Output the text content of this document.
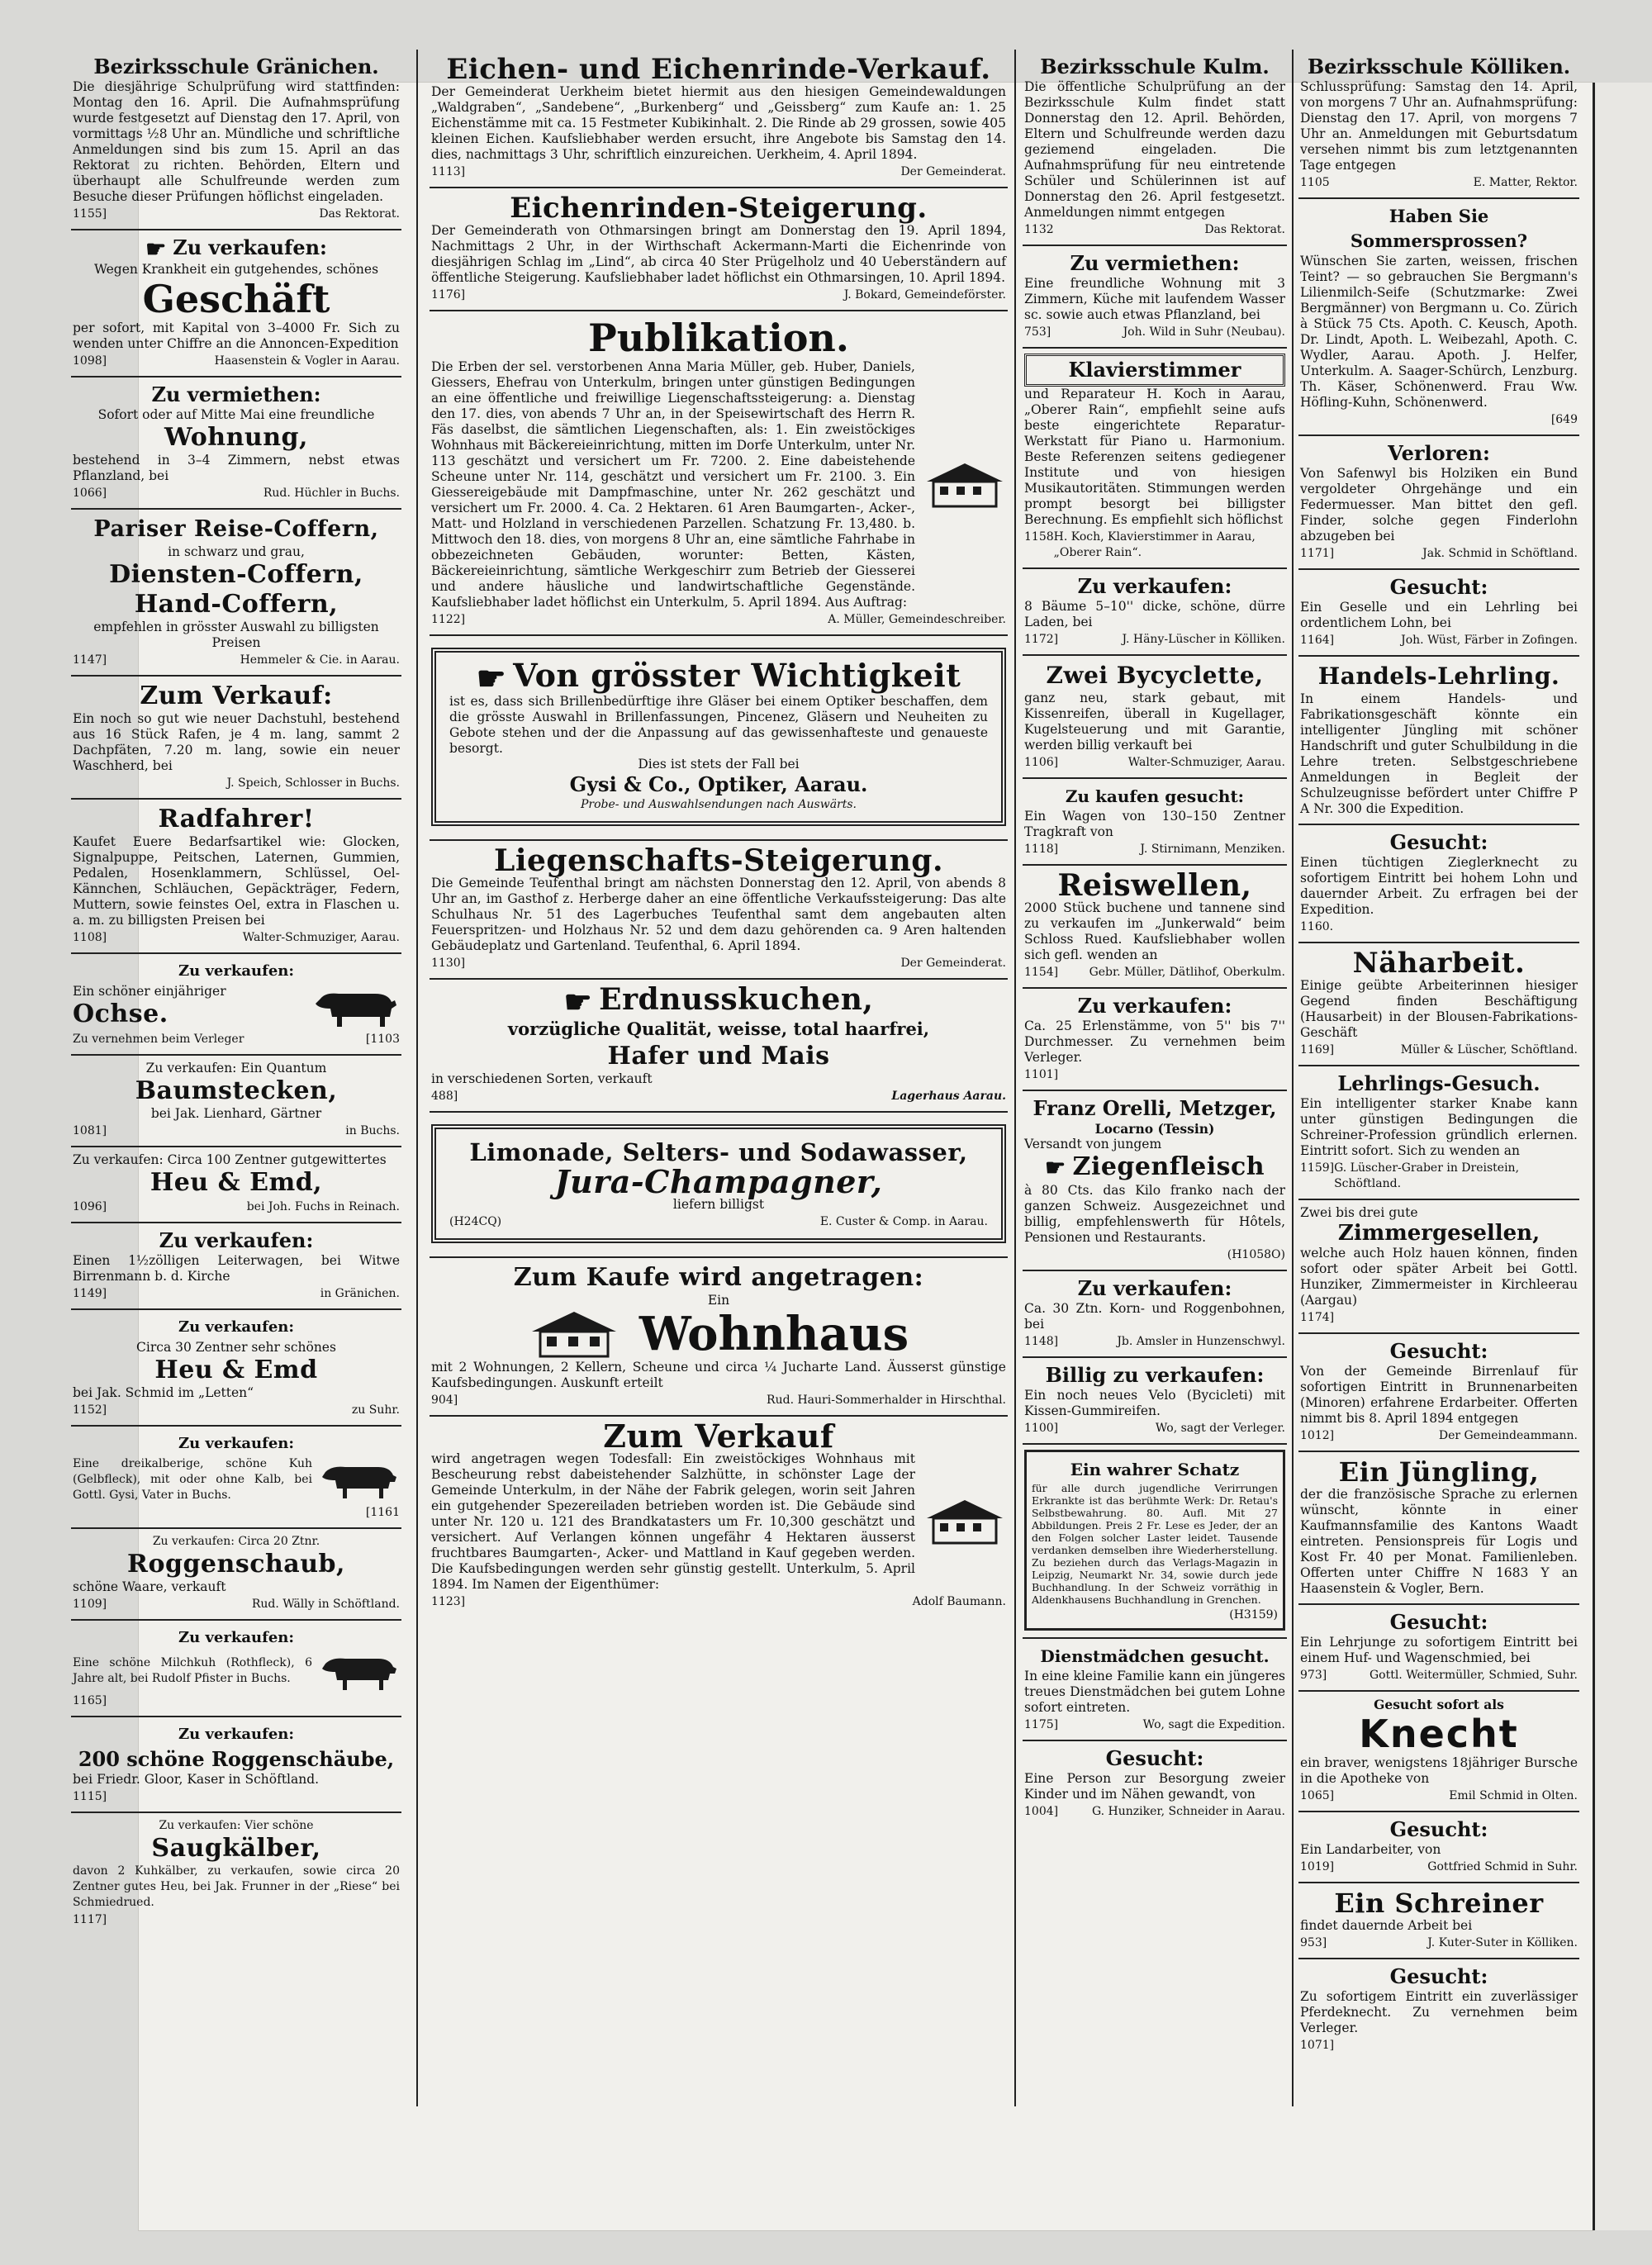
Bezirksschule Gränichen.

Die diesjährige Schulprüfung wird stattfinden: Montag den 16. April. Die Aufnahmsprüfung wurde festgesetzt auf Dienstag den 17. April, von vormittags ½8 Uhr an. Mündliche und schriftliche Anmeldungen sind bis zum 15. April an das Rektorat zu richten. Behörden, Eltern und überhaupt alle Schulfreunde werden zum Besuche dieser Prüfungen höflichst eingeladen.

1155]	Das Rektorat.
☛ Zu verkaufen:

Wegen Krankheit ein gutgehendes, schönes

Geschäft

per sofort, mit Kapital von 3–4000 Fr. Sich zu wenden unter Chiffre an die Annoncen-Expedition

1098]	Haasenstein & Vogler in Aarau.
Zu vermiethen:

Sofort oder auf Mitte Mai eine freundliche

Wohnung,

bestehend in 3–4 Zimmern, nebst etwas Pflanzland, bei

1066]	Rud. Hüchler in Buchs.
Pariser Reise-Coffern,
in schwarz und grau,
Diensten-Coffern,
Hand-Coffern,

empfehlen in grösster Auswahl zu billigsten Preisen

1147]	Hemmeler & Cie. in Aarau.
Zum Verkauf:

Ein noch so gut wie neuer Dachstuhl, bestehend aus 16 Stück Rafen, je 4 m. lang, sammt 2 Dachpfäten, 7.20 m. lang, sowie ein neuer Waschherd, bei

J. Speich, Schlosser in Buchs.
Radfahrer!

Kaufet Euere Bedarfsartikel wie: Glocken, Signalpuppe, Peitschen, Laternen, Gummien, Pedalen, Hosenklammern, Schlüssel, Oel-Kännchen, Schläuchen, Gepäckträger, Federn, Muttern, sowie feinstes Oel, extra in Flaschen u. a. m. zu billigsten Preisen bei

1108]	Walter-Schmuziger, Aarau.
Zu verkaufen:
Ein schöner einjähriger
Ochse.
Zu vernehmen beim Verleger	[1103
Zu verkaufen: Ein Quantum
Baumstecken,
bei Jak. Lienhard, Gärtner
1081]	in Buchs.
Zu verkaufen: Circa 100 Zentner gutgewittertes
Heu & Emd,
1096]	bei Joh. Fuchs in Reinach.
Zu verkaufen:

Einen 1½zölligen Leiterwagen, bei Witwe Birrenmann b. d. Kirche

1149]	in Gränichen.
Zu verkaufen:
Circa 30 Zentner sehr schönes
Heu & Emd
bei Jak. Schmid im „Letten“
1152]	zu Suhr.
Zu verkaufen:

Eine dreikalberige, schöne Kuh (Gelbfleck), mit oder ohne Kalb, bei Gottl. Gysi, Vater in Buchs.

[1161
Zu verkaufen: Circa 20 Ztnr.
Roggenschaub,
schöne Waare, verkauft
1109]	Rud. Wälly in Schöftland.
Zu verkaufen:

Eine schöne Milchkuh (Rothfleck), 6 Jahre alt, bei Rudolf Pfister in Buchs.

1165]
Zu verkaufen:
200 schöne Roggenschäube,

bei Friedr. Gloor, Kaser in Schöftland.

1115]
Zu verkaufen: Vier schöne
Saugkälber,

davon 2 Kuhkälber, zu verkaufen, sowie circa 20 Zentner gutes Heu, bei Jak. Frunner in der „Riese“ bei Schmiedrued.

1117]
Eichen- und Eichenrinde-Verkauf.

Der Gemeinderat Uerkheim bietet hiermit aus den hiesigen Gemeindewaldungen „Waldgraben“, „Sandebene“, „Burkenberg“ und „Geissberg“ zum Kaufe an: 1. 25 Eichenstämme mit ca. 15 Festmeter Kubikinhalt. 2. Die Rinde ab 29 grossen, sowie 405 kleinen Eichen. Kaufsliebhaber werden ersucht, ihre Angebote bis Samstag den 14. dies, nachmittags 3 Uhr, schriftlich einzureichen. Uerkheim, 4. April 1894.

1113]	Der Gemeinderat.
Eichenrinden-Steigerung.

Der Gemeinderath von Othmarsingen bringt am Donnerstag den 19. April 1894, Nachmittags 2 Uhr, in der Wirthschaft Ackermann-Marti die Eichenrinde von diesjährigen Schlag im „Lind“, ab circa 40 Ster Prügelholz und 40 Ueberständern auf öffentliche Steigerung. Kaufsliebhaber ladet höflichst ein Othmarsingen, 10. April 1894.

1176]	J. Bokard, Gemeindeförster.
Publikation.

Die Erben der sel. verstorbenen Anna Maria Müller, geb. Huber, Daniels, Giessers, Ehefrau von Unterkulm, bringen unter günstigen Bedingungen an eine öffentliche und freiwillige Liegenschaftssteigerung: a. Dienstag den 17. dies, von abends 7 Uhr an, in der Speisewirtschaft des Herrn R. Fäs daselbst, die sämtlichen Liegenschaften, als: 1. Ein zweistöckiges Wohnhaus mit Bäckereieinrichtung, mitten im Dorfe Unterkulm, unter Nr. 113 geschätzt und versichert um Fr. 7200. 2. Eine dabeistehende Scheune unter Nr. 114, geschätzt und versichert um Fr. 2100. 3. Ein Giessereigebäude mit Dampfmaschine, unter Nr. 262 geschätzt und versichert um Fr. 2000. 4. Ca. 2 Hektaren. 61 Aren Baumgarten-, Acker-, Matt- und Holzland in verschiedenen Parzellen. Schatzung Fr. 13,480. b. Mittwoch den 18. dies, von morgens 8 Uhr an, eine sämtliche Fahrhabe in obbezeichneten Gebäuden, worunter: Betten, Kästen, Bäckereieinrichtung, sämtliche Werkgeschirr zum Betrieb der Giesserei und andere häusliche und landwirtschaftliche Gegenstände. Kaufsliebhaber ladet höflichst ein Unterkulm, 5. April 1894. Aus Auftrag:

1122]	A. Müller, Gemeindeschreiber.
☛ Von grösster Wichtigkeit

ist es, dass sich Brillenbedürftige ihre Gläser bei einem Optiker beschaffen, dem die grösste Auswahl in Brillenfassungen, Pincenez, Gläsern und Neuheiten zu Gebote stehen und der die Anpassung auf das gewissenhafteste und genaueste besorgt.

Dies ist stets der Fall bei
Gysi & Co., Optiker, Aarau.
Probe- und Auswahlsendungen nach Auswärts.
Liegenschafts-Steigerung.

Die Gemeinde Teufenthal bringt am nächsten Donnerstag den 12. April, von abends 8 Uhr an, im Gasthof z. Herberge daher an eine öffentliche Verkaufssteigerung: Das alte Schulhaus Nr. 51 des Lagerbuches Teufenthal samt dem angebauten alten Feuerspritzen- und Holzhaus Nr. 52 und dem dazu gehörenden ca. 9 Aren haltenden Gebäudeplatz und Gartenland. Teufenthal, 6. April 1894.

1130]	Der Gemeinderat.
☛ Erdnusskuchen,
vorzügliche Qualität, weisse, total haarfrei,
Hafer und Mais
in verschiedenen Sorten, verkauft
488]	Lagerhaus Aarau.
Limonade, Selters- und Sodawasser,
Jura-Champagner,
liefern billigst
(H24CQ)	E. Custer & Comp. in Aarau.
Zum Kaufe wird angetragen:
Ein
Wohnhaus

mit 2 Wohnungen, 2 Kellern, Scheune und circa ¼ Jucharte Land. Äusserst günstige Kaufsbedingungen. Auskunft erteilt

904]	Rud. Hauri-Sommerhalder in Hirschthal.
Zum Verkauf

wird angetragen wegen Todesfall: Ein zweistöckiges Wohnhaus mit Bescheurung rebst dabeistehender Salzhütte, in schönster Lage der Gemeinde Unterkulm, in der Nähe der Fabrik gelegen, worin seit Jahren ein gutgehender Spezereiladen betrieben worden ist. Die Gebäude sind unter Nr. 120 u. 121 des Brandkatasters um Fr. 10,300 geschätzt und versichert. Auf Verlangen können ungefähr 4 Hektaren äusserst fruchtbares Baumgarten-, Acker- und Mattland in Kauf gegeben werden. Die Kaufsbedingungen werden sehr günstig gestellt. Unterkulm, 5. April 1894. Im Namen der Eigenthümer:

1123]	Adolf Baumann.
Bezirksschule Kulm.

Die öffentliche Schulprüfung an der Bezirksschule Kulm findet statt Donnerstag den 12. April. Behörden, Eltern und Schulfreunde werden dazu geziemend eingeladen. Die Aufnahmsprüfung für neu eintretende Schüler und Schülerinnen ist auf Donnerstag den 26. April festgesetzt. Anmeldungen nimmt entgegen

1132	Das Rektorat.
Zu vermiethen:

Eine freundliche Wohnung mit 3 Zimmern, Küche mit laufendem Wasser sc. sowie auch etwas Pflanzland, bei

753]	Joh. Wild in Suhr (Neubau).
Klavierstimmer

und Reparateur H. Koch in Aarau, „Oberer Rain“, empfiehlt seine aufs beste eingerichtete Reparatur-Werkstatt für Piano u. Harmonium. Beste Referenzen seitens gediegener Institute und von hiesigen Musikautoritäten. Stimmungen werden prompt besorgt bei billigster Berechnung. Es empfiehlt sich höflichst

1158 H. Koch, Klavierstimmer in Aarau, „Oberer Rain“.
Zu verkaufen:

8 Bäume 5–10'' dicke, schöne, dürre Laden, bei

1172]	J. Häny-Lüscher in Kölliken.
Zwei Bycyclette,

ganz neu, stark gebaut, mit Kissenreifen, überall in Kugellager, Kugelsteuerung und mit Garantie, werden billig verkauft bei

1106]	Walter-Schmuziger, Aarau.
Zu kaufen gesucht:

Ein Wagen von 130–150 Zentner Tragkraft von

1118]	J. Stirnimann, Menziken.
Reiswellen,

2000 Stück buchene und tannene sind zu verkaufen im „Junkerwald“ beim Schloss Rued. Kaufsliebhaber wollen sich gefl. wenden an

1154]	Gebr. Müller, Dätlihof, Oberkulm.
Zu verkaufen:

Ca. 25 Erlenstämme, von 5'' bis 7'' Durchmesser. Zu vernehmen beim Verleger.

1101]
Franz Orelli, Metzger,
Locarno (Tessin)
Versandt von jungem
☛ Ziegenfleisch

à 80 Cts. das Kilo franko nach der ganzen Schweiz. Ausgezeichnet und billig, empfehlenswerth für Hôtels, Pensionen und Restaurants.

(H1058O)
Zu verkaufen:

Ca. 30 Ztn. Korn- und Roggenbohnen, bei

1148]	Jb. Amsler in Hunzenschwyl.
Billig zu verkaufen:

Ein noch neues Velo (Bycicleti) mit Kissen-Gummireifen.

1100]	Wo, sagt der Verleger.
Ein wahrer Schatz

für alle durch jugendliche Verirrungen Erkrankte ist das berühmte Werk: Dr. Retau's Selbstbewahrung. 80. Aufl. Mit 27 Abbildungen. Preis 2 Fr. Lese es Jeder, der an den Folgen solcher Laster leidet. Tausende verdanken demselben ihre Wiederherstellung. Zu beziehen durch das Verlags-Magazin in Leipzig, Neumarkt Nr. 34, sowie durch jede Buchhandlung. In der Schweiz vorräthig in Aldenkhausens Buchhandlung in Grenchen.

(H3159)
Dienstmädchen gesucht.

In eine kleine Familie kann ein jüngeres treues Dienstmädchen bei gutem Lohne sofort eintreten.

1175]	Wo, sagt die Expedition.
Gesucht:

Eine Person zur Besorgung zweier Kinder und im Nähen gewandt, von

1004]	G. Hunziker, Schneider in Aarau.
Bezirksschule Kölliken.

Schlussprüfung: Samstag den 14. April, von morgens 7 Uhr an. Aufnahmsprüfung: Dienstag den 17. April, von morgens 7 Uhr an. Anmeldungen mit Geburtsdatum versehen nimmt bis zum letztgenannten Tage entgegen

1105	E. Matter, Rektor.
Haben Sie Sommersprossen?

Wünschen Sie zarten, weissen, frischen Teint? — so gebrauchen Sie Bergmann's Lilienmilch-Seife (Schutzmarke: Zwei Bergmänner) von Bergmann u. Co. Zürich à Stück 75 Cts. Apoth. C. Keusch, Apoth. Dr. Lindt, Apoth. L. Weibezahl, Apoth. C. Wydler, Aarau. Apoth. J. Helfer, Unterkulm. A. Saager-Schürch, Lenzburg. Th. Käser, Schönenwerd. Frau Ww. Höfling-Kuhn, Schönenwerd.

[649
Verloren:

Von Safenwyl bis Holziken ein Bund vergoldeter Ohrgehänge und ein Federmuesser. Man bittet den gefl. Finder, solche gegen Finderlohn abzugeben bei

1171]	Jak. Schmid in Schöftland.
Gesucht:

Ein Geselle und ein Lehrling bei ordentlichem Lohn, bei

1164]	Joh. Wüst, Färber in Zofingen.
Handels-Lehrling.

In einem Handels- und Fabrikationsgeschäft könnte ein intelligenter Jüngling mit schöner Handschrift und guter Schulbildung in die Lehre treten. Selbstgeschriebene Anmeldungen in Begleit der Schulzeugnisse befördert unter Chiffre P A Nr. 300 die Expedition.

Gesucht:

Einen tüchtigen Zieglerknecht zu sofortigem Eintritt bei hohem Lohn und dauernder Arbeit. Zu erfragen bei der Expedition.

1160.
Näharbeit.

Einige geübte Arbeiterinnen hiesiger Gegend finden Beschäftigung (Hausarbeit) in der Blousen-Fabrikations-Geschäft

1169]	Müller & Lüscher, Schöftland.
Lehrlings-Gesuch.

Ein intelligenter starker Knabe kann unter günstigen Bedingungen die Schreiner-Profession gründlich erlernen. Eintritt sofort. Sich zu wenden an

1159] G. Lüscher-Graber in Dreistein, Schöftland.
Zwei bis drei gute
Zimmergesellen,

welche auch Holz hauen können, finden sofort oder später Arbeit bei Gottl. Hunziker, Zimmermeister in Kirchleerau (Aargau)

1174]
Gesucht:

Von der Gemeinde Birrenlauf für sofortigen Eintritt in Brunnenarbeiten (Minoren) erfahrene Erdarbeiter. Offerten nimmt bis 8. April 1894 entgegen

1012]	Der Gemeindeammann.
Ein Jüngling,

der die französische Sprache zu erlernen wünscht, könnte in einer Kaufmannsfamilie des Kantons Waadt eintreten. Pensionspreis für Logis und Kost Fr. 40 per Monat. Familienleben. Offerten unter Chiffre N 1683 Y an Haasenstein & Vogler, Bern.

Gesucht:

Ein Lehrjunge zu sofortigem Eintritt bei einem Huf- und Wagenschmied, bei

973]	Gottl. Weitermüller, Schmied, Suhr.
Gesucht sofort als
Knecht

ein braver, wenigstens 18jähriger Bursche in die Apotheke von

1065]	Emil Schmid in Olten.
Gesucht:

Ein Landarbeiter, von

1019]	Gottfried Schmid in Suhr.
Ein Schreiner

findet dauernde Arbeit bei

953]	J. Kuter-Suter in Kölliken.
Gesucht:

Zu sofortigem Eintritt ein zuverlässiger Pferdeknecht. Zu vernehmen beim Verleger.

1071]
